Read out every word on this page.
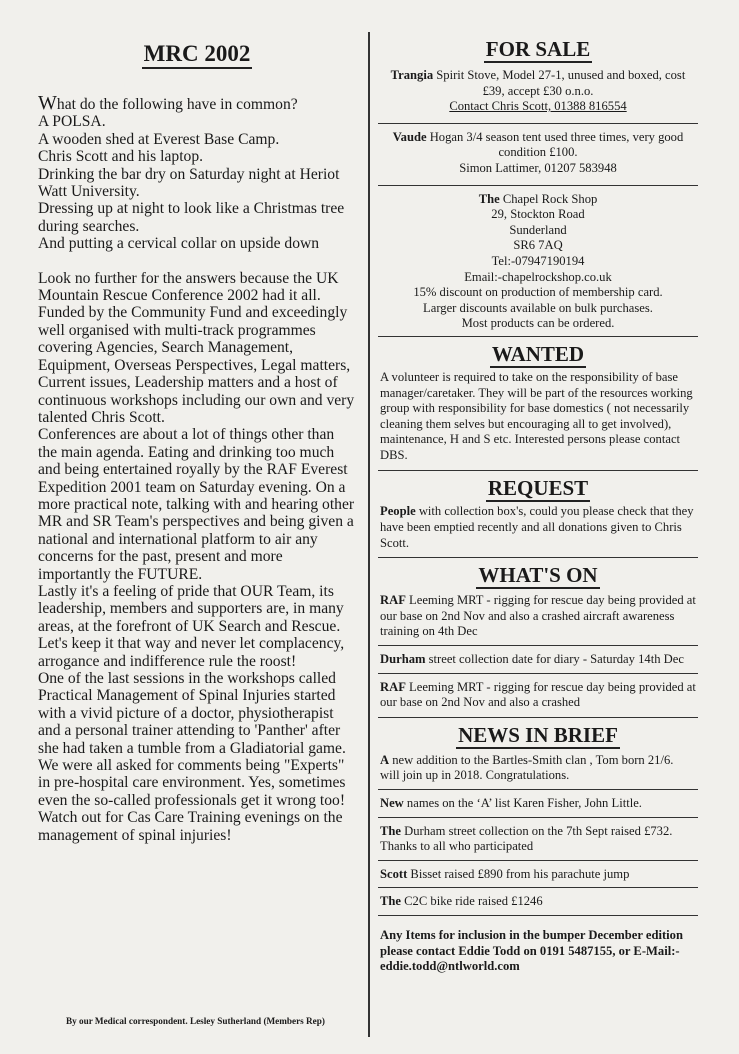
MRC 2002

What do the following have in common?

A POLSA.

A wooden shed at Everest Base Camp.

Chris Scott and his laptop.

Drinking the bar dry on Saturday night at Heriot Watt University.

Dressing up at night to look like a Christmas tree during searches.

And putting a cervical collar on upside down

Look no further for the answers because the UK Mountain Rescue Conference 2002 had it all. Funded by the Community Fund and exceedingly well organised with multi-track programmes covering Agencies, Search Management, Equipment, Overseas Perspectives, Legal matters, Current issues, Leadership matters and a host of continuous workshops including our own and very talented Chris Scott.

Conferences are about a lot of things other than the main agenda. Eating and drinking too much and being entertained royally by the RAF Everest Expedition 2001 team on Saturday evening. On a more practical note, talking with and hearing other MR and SR Team's perspectives and being given a national and international platform to air any concerns for the past, present and more importantly the FUTURE.

Lastly it's a feeling of pride that OUR Team, its leadership, members and supporters are, in many areas, at the forefront of UK Search and Rescue. Let's keep it that way and never let complacency, arrogance and indifference rule the roost!

One of the last sessions in the workshops called Practical Management of Spinal Injuries started with a vivid picture of a doctor, physiotherapist and a personal trainer attending to 'Panther' after she had taken a tumble from a Gladiatorial game. We were all asked for comments being "Experts" in pre-hospital care environment. Yes, sometimes even the so-called professionals get it wrong too!

Watch out for Cas Care Training evenings on the management of spinal injuries!

By our Medical correspondent. Lesley Sutherland (Members Rep)
FOR SALE
Trangia Spirit Stove, Model 27-1, unused and boxed, cost £39, accept £30 o.n.o.
Contact Chris Scott, 01388 816554
Vaude Hogan 3/4 season tent used three times, very good condition £100.
Simon Lattimer, 01207 583948
The Chapel Rock Shop
29, Stockton Road
Sunderland
SR6 7AQ
Tel:-07947190194
Email:-chapelrockshop.co.uk
15% discount on production of membership card.
Larger discounts available on bulk purchases.
Most products can be ordered.
WANTED
A volunteer is required to take on the responsibility of base manager/caretaker. They will be part of the resources working group with responsibility for base domestics ( not necessarily cleaning them selves but encouraging all to get involved), maintenance, H and S etc. Interested persons please contact DBS.
REQUEST
People with collection box's, could you please check that they have been emptied recently and all donations given to Chris Scott.
WHAT'S ON
RAF Leeming MRT - rigging for rescue day being provided at our base on 2nd Nov and also a crashed aircraft awareness training on 4th Dec
Durham street collection date for diary - Saturday 14th Dec
RAF Leeming MRT - rigging for rescue day being provided at our base on 2nd Nov and also a crashed
NEWS IN BRIEF
A new addition to the Bartles-Smith clan , Tom born 21/6. will join up in 2018. Congratulations.
New names on the ‘A’ list Karen Fisher, John Little.
The Durham street collection on the 7th Sept raised £732. Thanks to all who participated
Scott Bisset raised £890 from his parachute jump
The C2C bike ride raised £1246
Any Items for inclusion in the bumper December edition please contact Eddie Todd on 0191 5487155, or E-Mail:- eddie.todd@ntlworld.com
